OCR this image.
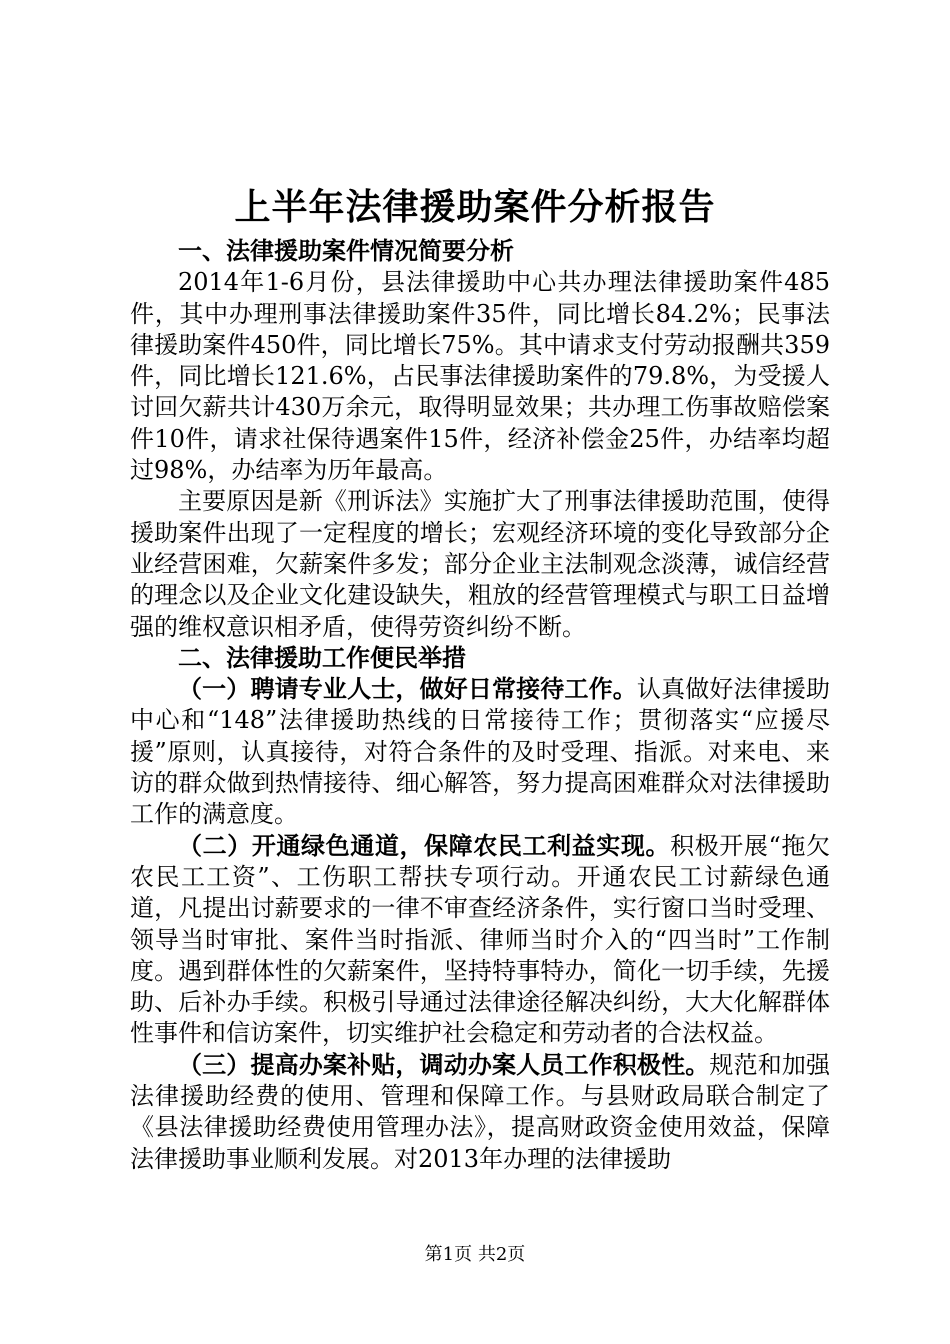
上半年法律援助案件分析报告
一、法律援助案件情况简要分析

2014年1-6月份，县法律援助中心共办理法律援助案件485件，其中办理刑事法律援助案件35件，同比增长84.2%；民事法律援助案件450件，同比增长75%。其中请求支付劳动报酬共359件，同比增长121.6%，占民事法律援助案件的79.8%，为受援人讨回欠薪共计430万余元，取得明显效果；共办理工伤事故赔偿案件10件，请求社保待遇案件15件，经济补偿金25件，办结率均超过98%，办结率为历年最高。

主要原因是新《刑诉法》实施扩大了刑事法律援助范围，使得援助案件出现了一定程度的增长；宏观经济环境的变化导致部分企业经营困难，欠薪案件多发；部分企业主法制观念淡薄，诚信经营的理念以及企业文化建设缺失，粗放的经营管理模式与职工日益增强的维权意识相矛盾，使得劳资纠纷不断。

二、法律援助工作便民举措

（一）聘请专业人士，做好日常接待工作。认真做好法律援助中心和“148”法律援助热线的日常接待工作；贯彻落实“应援尽援”原则，认真接待，对符合条件的及时受理、指派。对来电、来访的群众做到热情接待、细心解答，努力提高困难群众对法律援助工作的满意度。

（二）开通绿色通道，保障农民工利益实现。积极开展“拖欠农民工工资”、工伤职工帮扶专项行动。开通农民工讨薪绿色通道，凡提出讨薪要求的一律不审查经济条件，实行窗口当时受理、领导当时审批、案件当时指派、律师当时介入的“四当时”工作制度。遇到群体性的欠薪案件，坚持特事特办，简化一切手续，先援助、后补办手续。积极引导通过法律途径解决纠纷，大大化解群体性事件和信访案件，切实维护社会稳定和劳动者的合法权益。

（三）提高办案补贴，调动办案人员工作积极性。规范和加强法律援助经费的使用、管理和保障工作。与县财政局联合制定了《县法律援助经费使用管理办法》，提高财政资金使用效益，保障法律援助事业顺利发展。对2013年办理的法律援助

第1页 共2页
